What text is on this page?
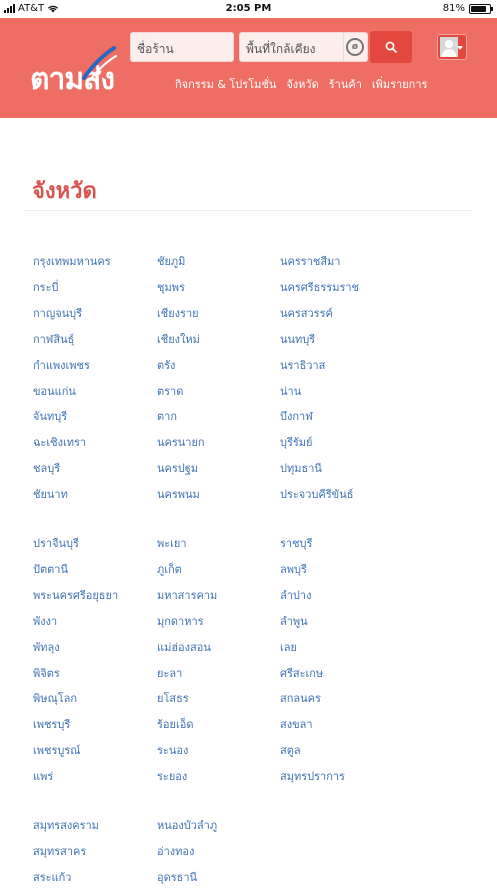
AT&T	2:05 PM	81%
ตามส่ง
ชื่อร้าน	พื้นที่ใกล้เคียง	ø
กิจกรรม & โปรโมชั่น จังหวัด ร้านค้า เพิ่มรายการ
จังหวัด
กรุงเทพมหานคร	ชัยภูมิ	นครราชสีมา
กระบี่	ชุมพร	นครศรีธรรมราช
กาญจนบุรี	เชียงราย	นครสวรรค์
กาฬสินธุ์	เชียงใหม่	นนทบุรี
กำแพงเพชร	ตรัง	นราธิวาส
ขอนแก่น	ตราด	น่าน
จันทบุรี	ตาก	บึงกาฬ
ฉะเชิงเทรา	นครนายก	บุรีรัมย์
ชลบุรี	นครปฐม	ปทุมธานี
ชัยนาท	นครพนม	ประจวบคีรีขันธ์
ปราจีนบุรี	พะเยา	ราชบุรี
ปัตตานี	ภูเก็ต	ลพบุรี
พระนครศรีอยุธยา	มหาสารคาม	ลำปาง
พังงา	มุกดาหาร	ลำพูน
พัทลุง	แม่ฮ่องสอน	เลย
พิจิตร	ยะลา	ศรีสะเกษ
พิษณุโลก	ยโสธร	สกลนคร
เพชรบุรี	ร้อยเอ็ด	สงขลา
เพชรบูรณ์	ระนอง	สตูล
แพร่	ระยอง	สมุทรปราการ
สมุทรสงคราม	หนองบัวลำภู
สมุทรสาคร	อ่างทอง
สระแก้ว	อุดรธานี
